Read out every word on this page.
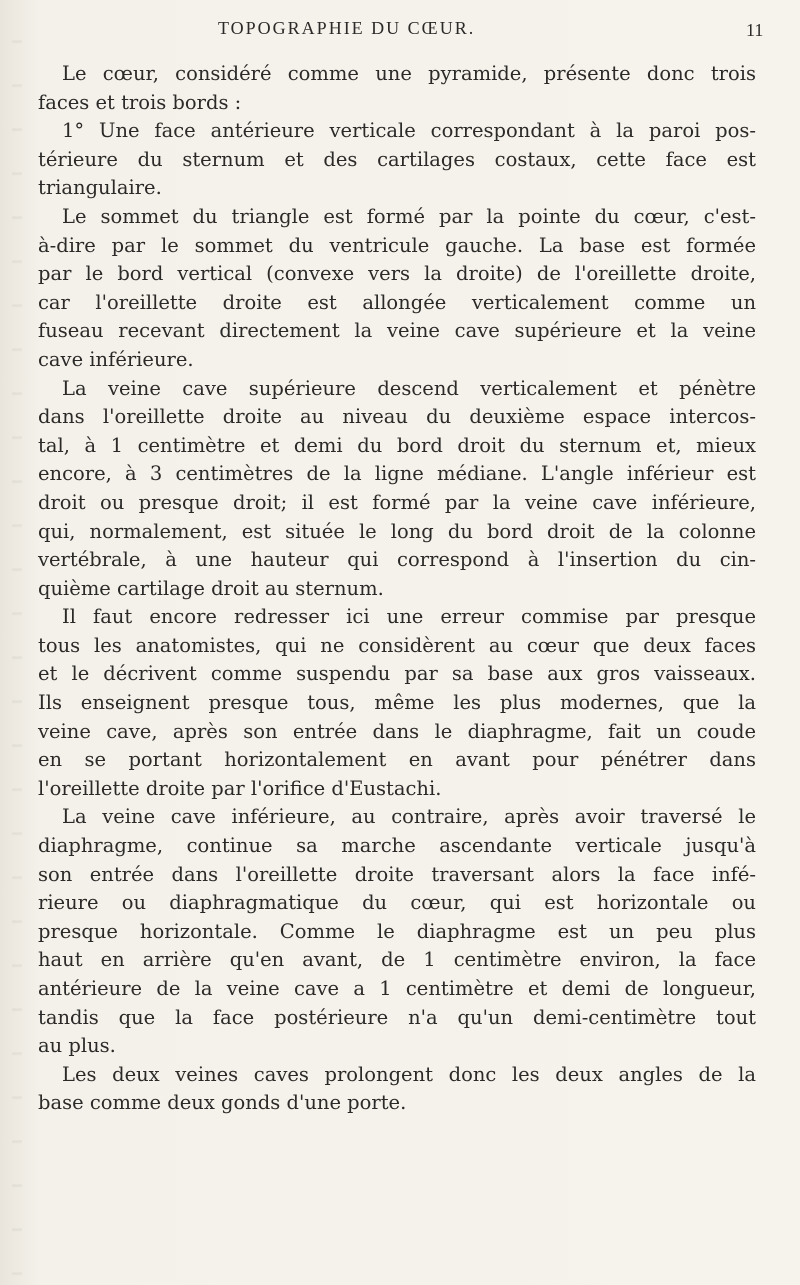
TOPOGRAPHIE DU CŒUR.	11
Le cœur, considéré comme une pyramide, présente donc trois
faces et trois bords :
1° Une face antérieure verticale correspondant à la paroi pos-
térieure du sternum et des cartilages costaux, cette face est
triangulaire.
Le sommet du triangle est formé par la pointe du cœur, c'est-
à-dire par le sommet du ventricule gauche. La base est formée
par le bord vertical (convexe vers la droite) de l'oreillette droite,
car l'oreillette droite est allongée verticalement comme un
fuseau recevant directement la veine cave supérieure et la veine
cave inférieure.
La veine cave supérieure descend verticalement et pénètre
dans l'oreillette droite au niveau du deuxième espace intercos-
tal, à 1 centimètre et demi du bord droit du sternum et, mieux
encore, à 3 centimètres de la ligne médiane. L'angle inférieur est
droit ou presque droit; il est formé par la veine cave inférieure,
qui, normalement, est située le long du bord droit de la colonne
vertébrale, à une hauteur qui correspond à l'insertion du cin-
quième cartilage droit au sternum.
Il faut encore redresser ici une erreur commise par presque
tous les anatomistes, qui ne considèrent au cœur que deux faces
et le décrivent comme suspendu par sa base aux gros vaisseaux.
Ils enseignent presque tous, même les plus modernes, que la
veine cave, après son entrée dans le diaphragme, fait un coude
en se portant horizontalement en avant pour pénétrer dans
l'oreillette droite par l'orifice d'Eustachi.
La veine cave inférieure, au contraire, après avoir traversé le
diaphragme, continue sa marche ascendante verticale jusqu'à
son entrée dans l'oreillette droite traversant alors la face infé-
rieure ou diaphragmatique du cœur, qui est horizontale ou
presque horizontale. Comme le diaphragme est un peu plus
haut en arrière qu'en avant, de 1 centimètre environ, la face
antérieure de la veine cave a 1 centimètre et demi de longueur,
tandis que la face postérieure n'a qu'un demi-centimètre tout
au plus.
Les deux veines caves prolongent donc les deux angles de la
base comme deux gonds d'une porte.
